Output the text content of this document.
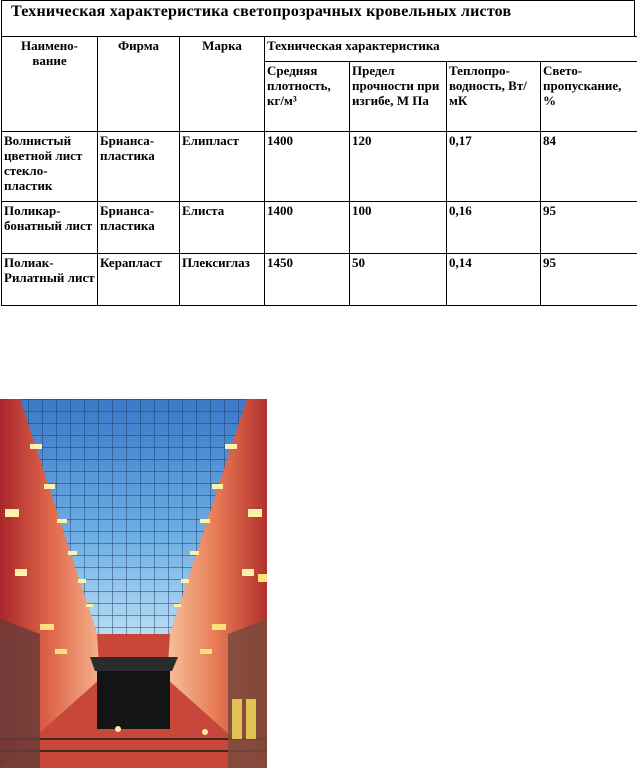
Техническая характеристика светопрозрачных кровельных листов
Наимено-вание	Фирма	Марка	Техническая характеристика			
			Средняя плотность, кг/м³	Предел прочности при изгибе, М Па	Теплопро-водность, Вт/мК	Свето-пропускание, %
Волнистый цветной лист стекло-пластик	Брианса-пластика	Елипласт	1400	120	0,17	84
Поликар-бонатный лист	Брианса-пластика	Елиста	1400	100	0,16	95
Полиак-Рилатный лист	Кераплаcт	Плексиглаз	1450	50	0,14	95
